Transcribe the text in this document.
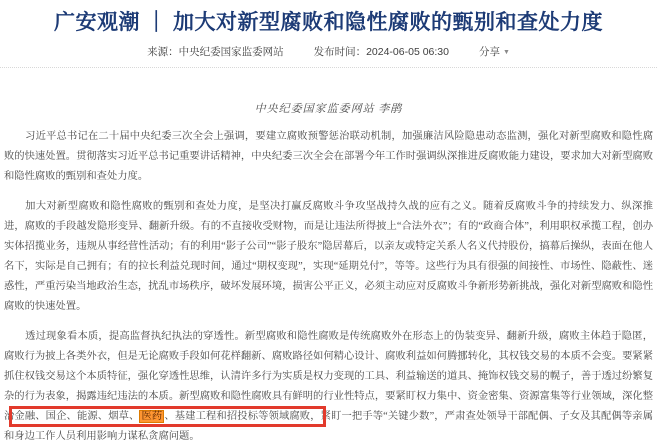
广安观潮 ｜ 加大对新型腐败和隐性腐败的甄别和查处力度
来源：中央纪委国家监委网站	发布时间：2024-06-05 06:30	分享 ▼
中央纪委国家监委网站 李鹃

习近平总书记在二十届中央纪委三次全会上强调，要建立腐败预警惩治联动机制，加强廉洁风险隐患动态监测，强化对新型腐败和隐性腐败的快速处置。贯彻落实习近平总书记重要讲话精神，中央纪委三次全会在部署今年工作时强调纵深推进反腐败能力建设，要求加大对新型腐败和隐性腐败的甄别和查处力度。

加大对新型腐败和隐性腐败的甄别和查处力度，是坚决打赢反腐败斗争攻坚战持久战的应有之义。随着反腐败斗争的持续发力、纵深推进，腐败的手段越发隐形变异、翻新升级。有的不直接收受财物，而是让违法所得披上“合法外衣”；有的“政商合体”，利用职权承揽工程，创办实体招揽业务，违规从事经营性活动；有的利用“影子公司”“影子股东”隐居幕后，以亲友或特定关系人名义代持股份，搞幕后操纵，表面在他人名下，实际是自己拥有；有的拉长利益兑现时间，通过“期权变现”，实现“延期兑付”，等等。这些行为具有很强的间接性、市场性、隐蔽性、迷惑性，严重污染当地政治生态，扰乱市场秩序，破坏发展环境，损害公平正义，必须主动应对反腐败斗争新形势新挑战，强化对新型腐败和隐性腐败的快速处置。

透过现象看本质，提高监督执纪执法的穿透性。新型腐败和隐性腐败是传统腐败外在形态上的伪装变异、翻新升级，腐败主体趋于隐匿，腐败行为披上各类外衣，但是无论腐败手段如何花样翻新、腐败路径如何精心设计、腐败利益如何腾挪转化，其权钱交易的本质不会变。要紧紧抓住权钱交易这个本质特征，强化穿透性思维，认清许多行为实质是权力变现的工具、利益输送的道具、掩饰权钱交易的幌子，善于透过纷繁复杂的行为表象，揭露违纪违法的本质。新型腐败和隐性腐败具有鲜明的行业性特点，要紧盯权力集中、资金密集、资源富集等行业领域，深化整治金融、国企、能源、烟草、 医药 、基建工程和招投标等领域腐败，紧盯一把手等“关键少数”，严肃查处领导干部配偶、子女及其配偶等亲属和身边工作人员利用影响力谋私贪腐问题。
